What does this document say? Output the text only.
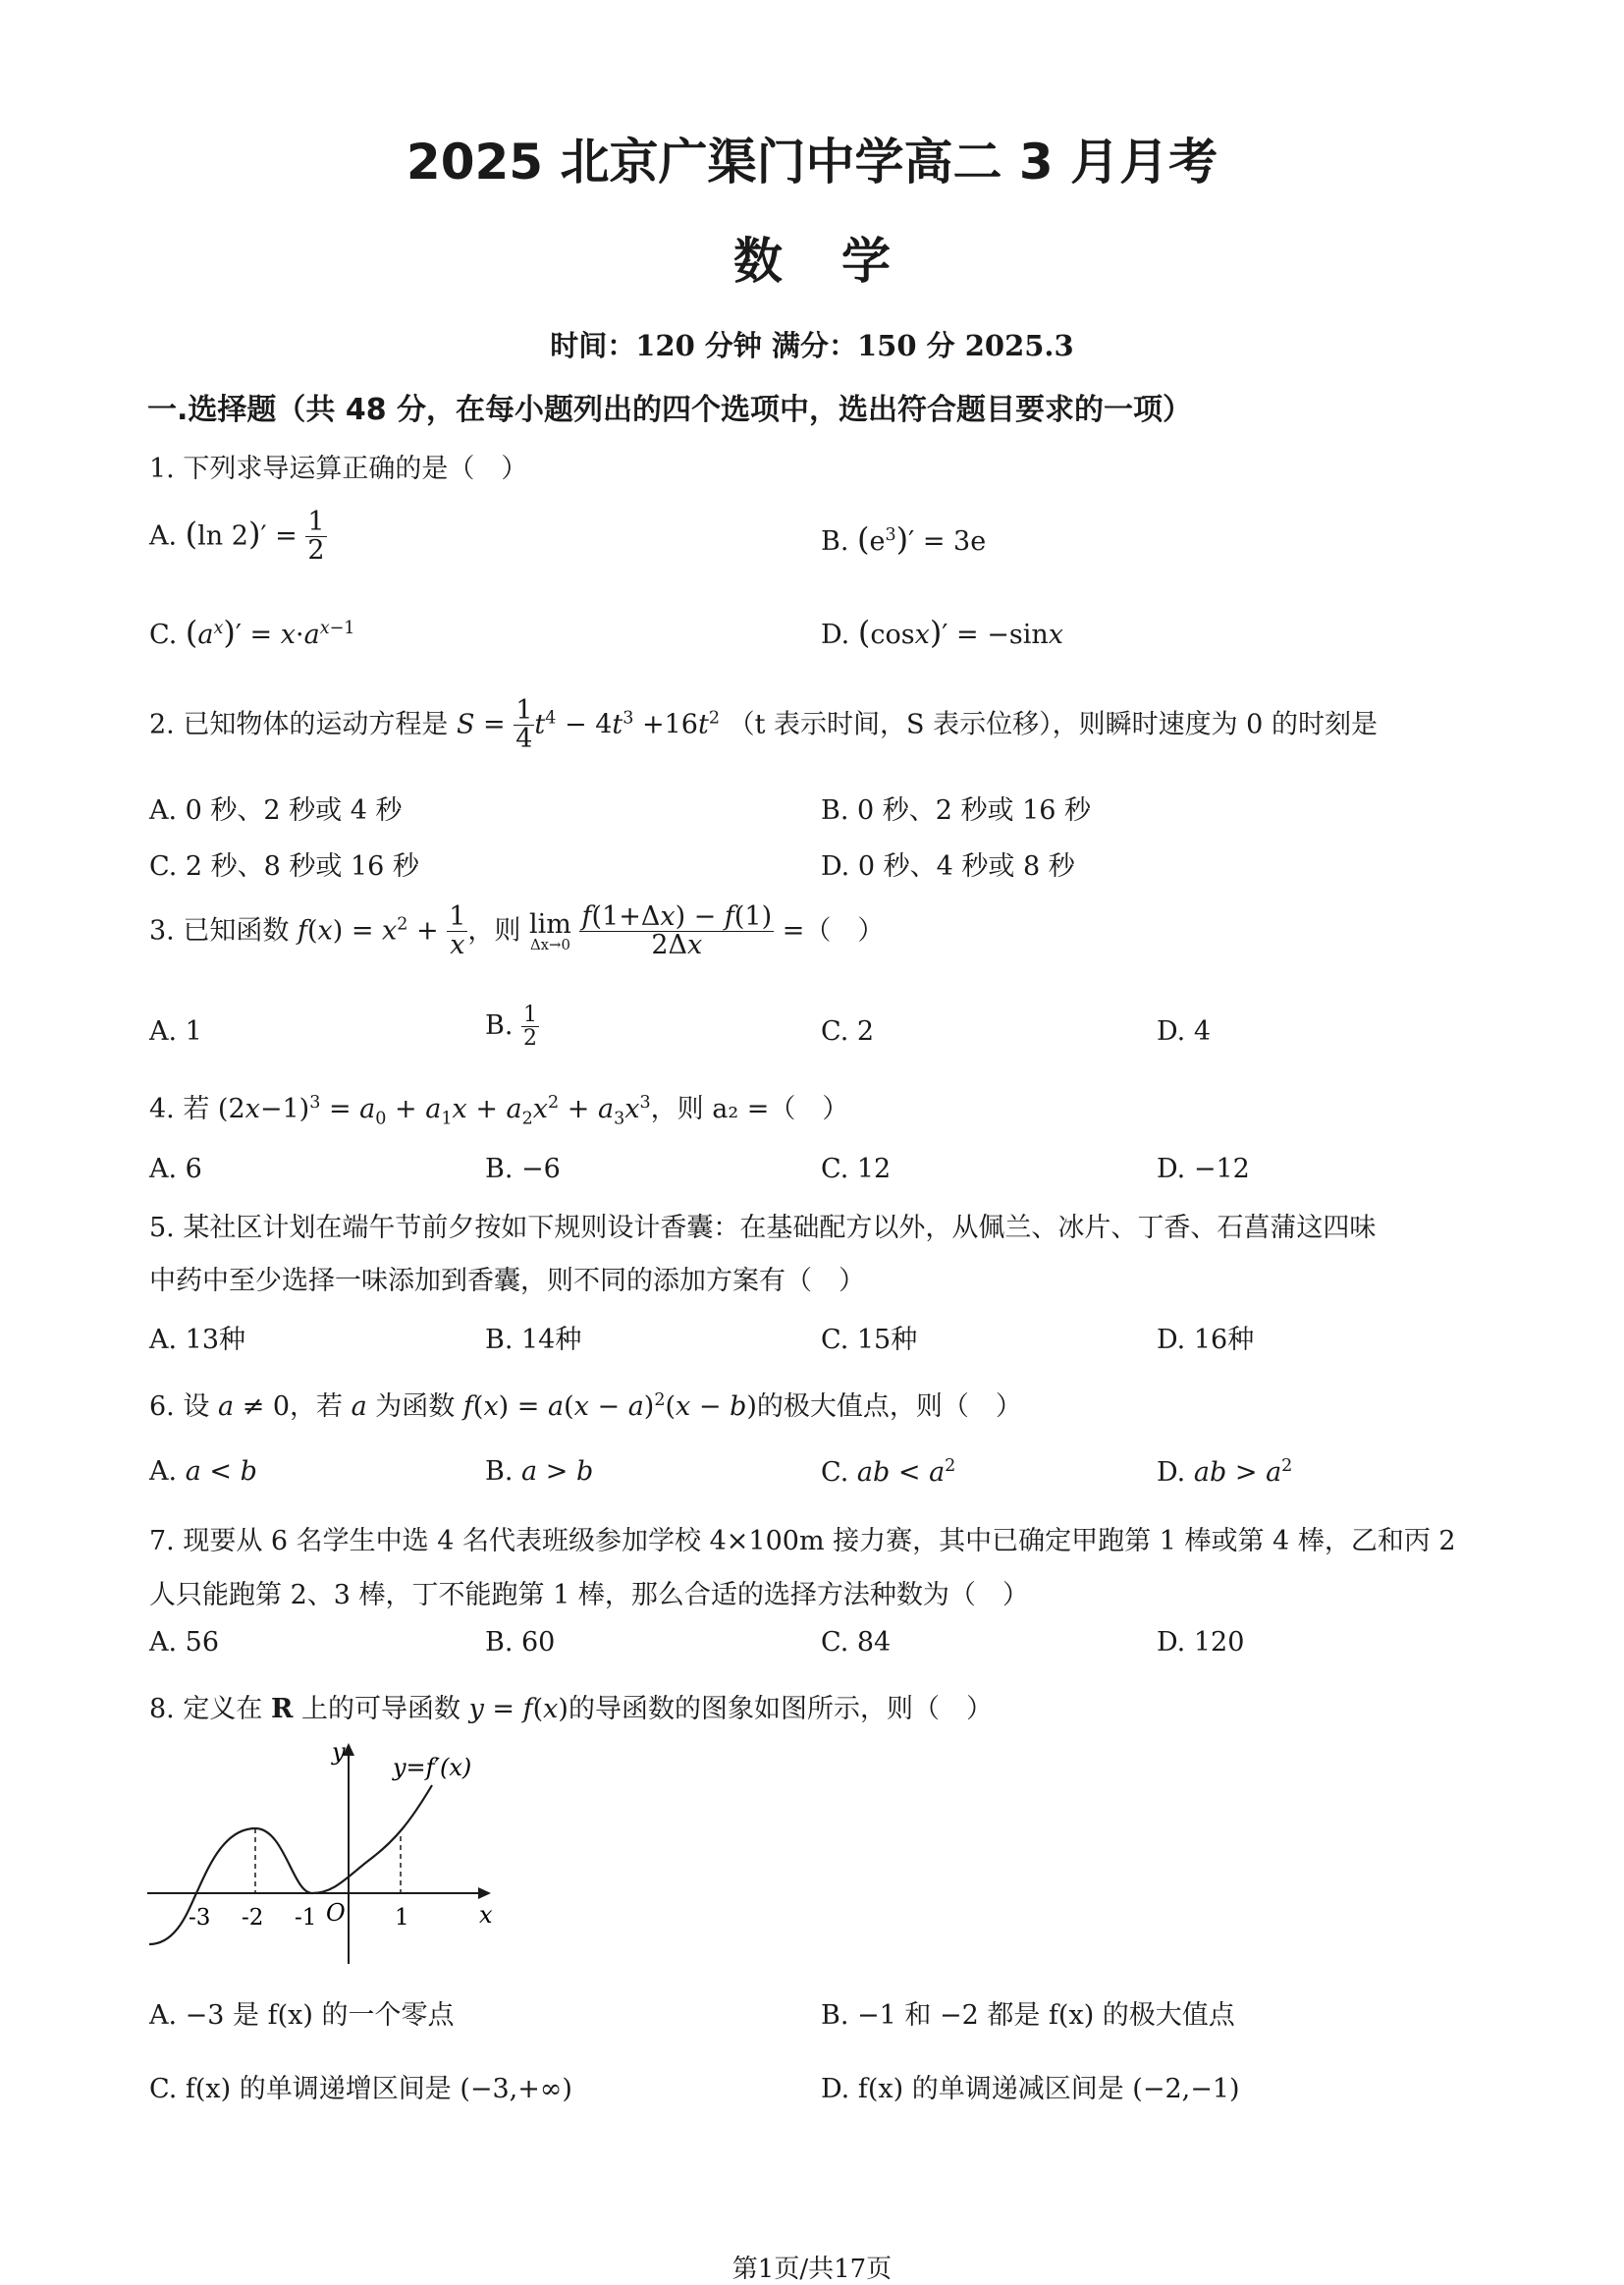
2025 北京广渠门中学高二 3 月月考
数学
时间：120 分钟 满分：150 分 2025.3
一.选择题（共 48 分，在每小题列出的四个选项中，选出符合题目要求的一项）
1. 下列求导运算正确的是（　）
A. (ln $2)' = \frac{1}{2}$	B. $(e^3)' = 3e$
C. $(a^x)' = x\cdot a^{x-1}$	D. (cosx)′ = −sinx
2. 已知物体的运动方程是 $S = \frac{1}{4} t^4 - 4t^3 +16t^2$ （t 表示时间，S 表示位移），则瞬时速度为 0 的时刻是
A. 0 秒、2 秒或 4 秒	B. 0 秒、2 秒或 16 秒
C. 2 秒、8 秒或 16 秒	D. 0 秒、4 秒或 8 秒
3. 已知函数 $f(x) = x^2 + \frac{1}{x}$ ，则 lim
Δx→0
$\frac{f(1+\Delta x) - f(1)}{2\Delta x}$ =（　）
A. 1	B. $\frac{1}{2}$	C. 2	D. 4
4. 若 $(2x-1)^3 = a_0 + a_1x + a_2x^2 + a_3x^3$，则 a₂ =（　）
A. 6	B. −6	C. 12	D. −12
5. 某社区计划在端午节前夕按如下规则设计香囊：在基础配方以外，从佩兰、冰片、丁香、石菖蒲这四味
中药中至少选择一味添加到香囊，则不同的添加方案有（　）
A. 13种	B. 14种	C. 15种	D. 16种
6. 设 a ≠ 0，若 a 为函数 $f(x) = a(x - a)^2(x - b)$的极大值点，则（　）
A. a < b	B. a > b	C. ab < $a^2$	D. ab > $a^2$
7. 现要从 6 名学生中选 4 名代表班级参加学校 4×100m 接力赛，其中已确定甲跑第 1 棒或第 4 棒，乙和丙 2
人只能跑第 2、3 棒，丁不能跑第 1 棒，那么合适的选择方法种数为（　）
A. 56	B. 60	C. 84	D. 120
8. 定义在 R 上的可导函数 y = f(x)的导函数的图象如图所示，则（　）
y
x
y=f′(x)
O
-3 -2 -1	1
A. −3 是 f(x) 的一个零点	B. −1 和 −2 都是 f(x) 的极大值点
C. f(x) 的单调递增区间是 (−3,+∞)	D. f(x) 的单调递减区间是 (−2,−1)
第1页/共17页
